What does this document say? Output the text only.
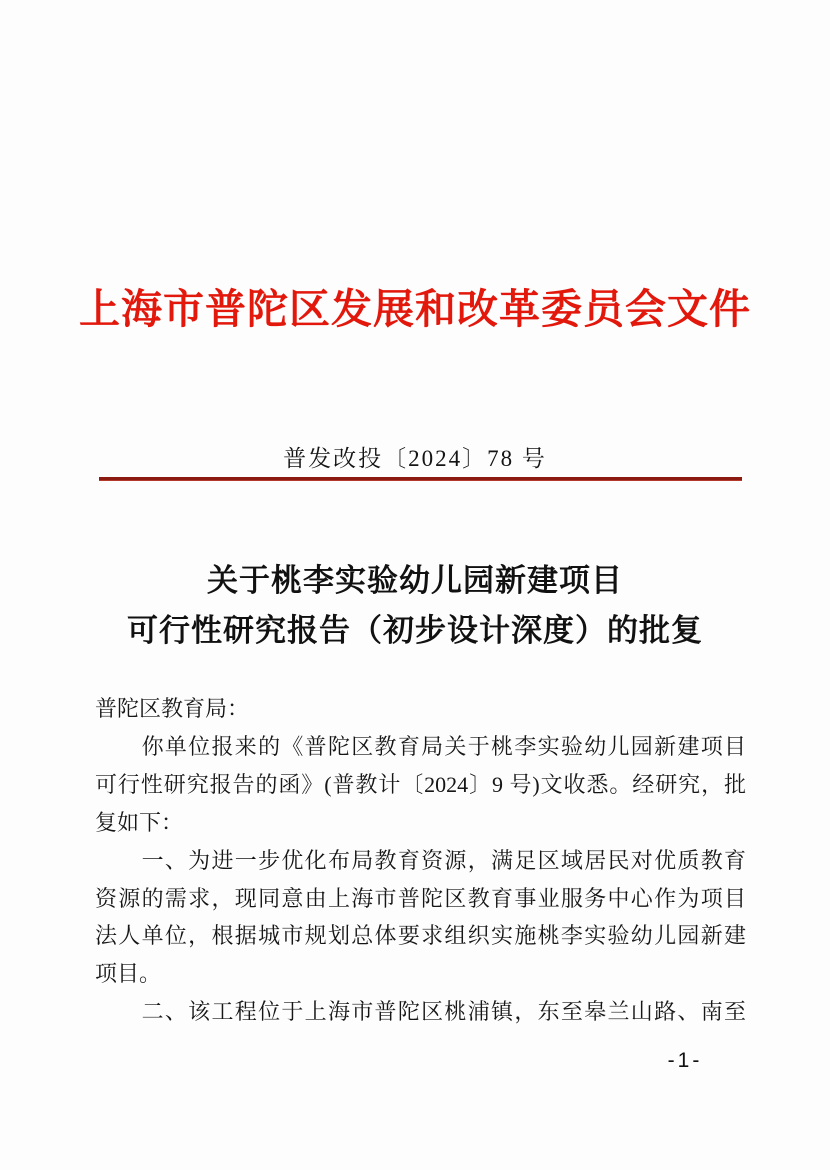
上海市普陀区发展和改革委员会文件
普发改投〔2024〕78 号
关于桃李实验幼儿园新建项目
可行性研究报告（初步设计深度）的批复
普陀区教育局：
　　你单位报来的《普陀区教育局关于桃李实验幼儿园新建项目
可行性研究报告的函》(普教计〔2024〕9 号)文收悉。经研究，批
复如下：
　　一、为进一步优化布局教育资源，满足区域居民对优质教育
资源的需求，现同意由上海市普陀区教育事业服务中心作为项目
法人单位，根据城市规划总体要求组织实施桃李实验幼儿园新建
项目。
　　二、该工程位于上海市普陀区桃浦镇，东至皋兰山路、南至
-1-
